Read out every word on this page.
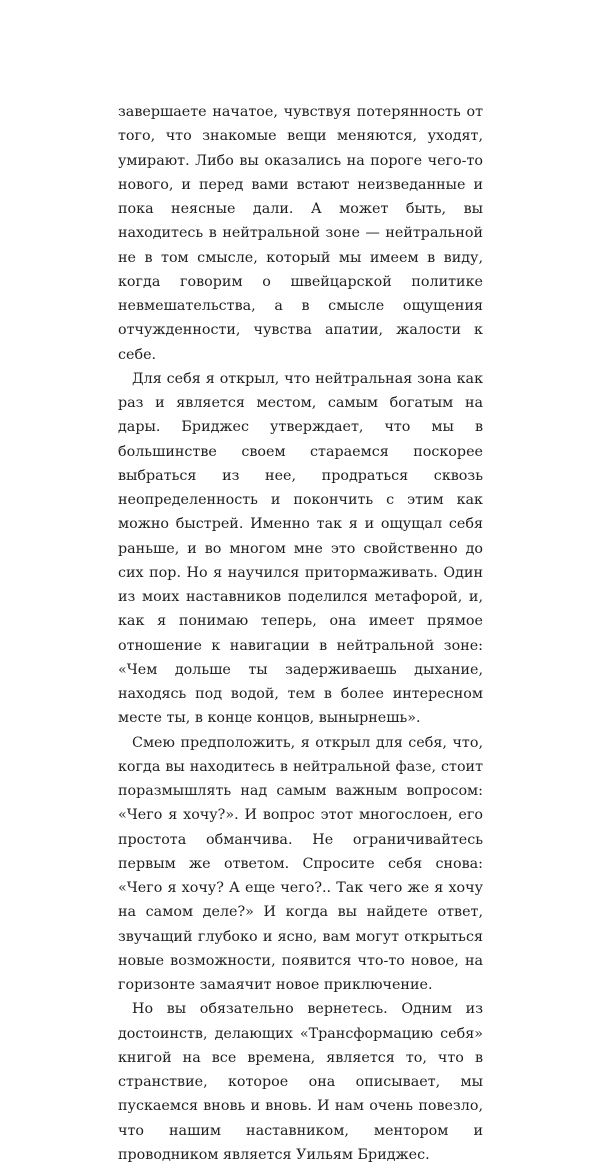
завершаете начатое, чувствуя потерянность от того, что знакомые вещи меняются, уходят, умирают. Либо вы оказались на пороге чего-то нового, и перед вами встают неизведанные и пока неясные дали. А может быть, вы находитесь в нейтральной зоне — нейтральной не в том смысле, который мы имеем в виду, когда говорим о швейцарской политике невмешательства, а в смысле ощущения отчужденности, чувства апатии, жалости к себе.

Для себя я открыл, что нейтральная зона как раз и является местом, самым богатым на дары. Бриджес утверждает, что мы в большинстве своем стараемся поскорее выбраться из нее, продраться сквозь неопределенность и покончить с этим как можно быстрей. Именно так я и ощущал себя раньше, и во многом мне это свойственно до сих пор. Но я научился притормаживать. Один из моих наставников поделился метафорой, и, как я понимаю теперь, она имеет прямое отношение к навигации в нейтральной зоне: «Чем дольше ты задерживаешь дыхание, находясь под водой, тем в более интересном месте ты, в конце концов, вынырнешь».

Смею предположить, я открыл для себя, что, когда вы находитесь в нейтральной фазе, стоит поразмышлять над самым важным вопросом: «Чего я хочу?». И вопрос этот многослоен, его простота обманчива. Не ограничивайтесь первым же ответом. Спросите себя снова: «Чего я хочу? А еще чего?.. Так чего же я хочу на самом деле?» И когда вы найдете ответ, звучащий глубоко и ясно, вам могут открыться новые возможности, появится что-то новое, на горизонте замаячит новое приключение.

Но вы обязательно вернетесь. Одним из достоинств, делающих «Трансформацию себя» книгой на все времена, является то, что в странствие, которое она описывает, мы пускаемся вновь и вновь. И нам очень повезло, что нашим наставником, ментором и проводником является Уильям Бриджес.
